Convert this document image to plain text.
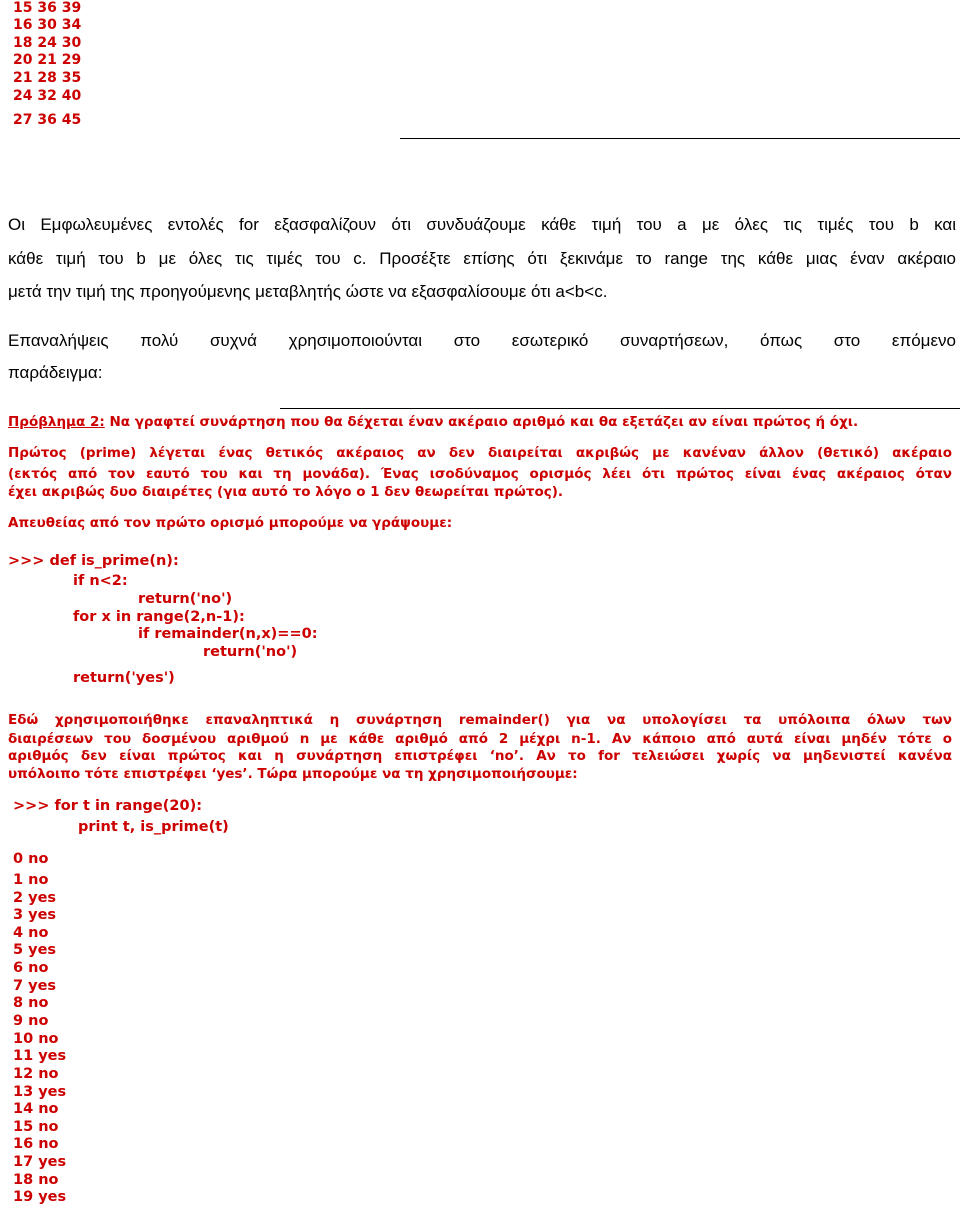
15 36 39
16 30 34
18 24 30
20 21 29
21 28 35
24 32 40
27 36 45
Οι Εμφωλευμένες εντολές for εξασφαλίζουν ότι συνδυάζουμε κάθε τιμή του a με όλες τις τιμές του b και
κάθε τιμή του b με όλες τις τιμές του c. Προσέξτε επίσης ότι ξεκινάμε το range της κάθε μιας έναν ακέραιο
μετά την τιμή της προηγούμενης μεταβλητής ώστε να εξασφαλίσουμε ότι a<b<c.
Επαναλήψεις πολύ συχνά χρησιμοποιούνται στο εσωτερικό συναρτήσεων, όπως στο επόμενο
παράδειγμα:
Πρόβλημα 2: Να γραφτεί συνάρτηση που θα δέχεται έναν ακέραιο αριθμό και θα εξετάζει αν είναι πρώτος ή όχι.
Πρώτος (prime) λέγεται ένας θετικός ακέραιος αν δεν διαιρείται ακριβώς με κανέναν άλλον (θετικό) ακέραιο
(εκτός από τον εαυτό του και τη μονάδα). Ένας ισοδύναμος ορισμός λέει ότι πρώτος είναι ένας ακέραιος όταν
έχει ακριβώς δυο διαιρέτες (για αυτό το λόγο ο 1 δεν θεωρείται πρώτος).
Απευθείας από τον πρώτο ορισμό μπορούμε να γράψουμε:
>>> def is_prime(n):
if n<2:
return('no')
for x in range(2,n-1):
if remainder(n,x)==0:
return('no')
return('yes')
Εδώ χρησιμοποιήθηκε επαναληπτικά η συνάρτηση remainder() για να υπολογίσει τα υπόλοιπα όλων των
διαιρέσεων του δοσμένου αριθμού n με κάθε αριθμό από 2 μέχρι n-1. Αν κάποιο από αυτά είναι μηδέν τότε ο
αριθμός δεν είναι πρώτος και η συνάρτηση επιστρέφει ‘no’. Αν το for τελειώσει χωρίς να μηδενιστεί κανένα
υπόλοιπο τότε επιστρέφει ‘yes’. Τώρα μπορούμε να τη χρησιμοποιήσουμε:
>>> for t in range(20):
print t, is_prime(t)
0 no
1 no
2 yes
3 yes
4 no
5 yes
6 no
7 yes
8 no
9 no
10 no
11 yes
12 no
13 yes
14 no
15 no
16 no
17 yes
18 no
19 yes
